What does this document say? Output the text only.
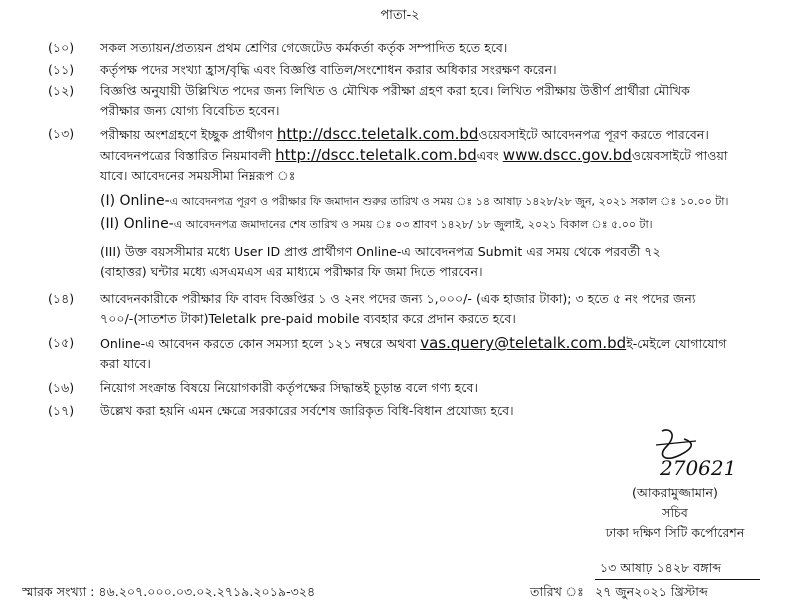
পাতা-২
(১০)	সকল সত্যায়ন/প্রত্যয়ন প্রথম শ্রেণির গেজেটেড কর্মকর্তা কর্তৃক সম্পাদিত হতে হবে।
(১১)	কর্তৃপক্ষ পদের সংখ্যা হ্রাস/বৃদ্ধি এবং বিজ্ঞপ্তি বাতিল/সংশোধন করার অধিকার সংরক্ষণ করেন।
(১২)	বিজ্ঞপ্তি অনুযায়ী উল্লিখিত পদের জন্য লিখিত ও মৌখিক পরীক্ষা গ্রহণ করা হবে। লিখিত পরীক্ষায় উত্তীর্ণ প্রার্থীরা মৌখিক
পরীক্ষার জন্য যোগ্য বিবেচিত হবেন।
(১৩)	পরীক্ষায় অংশগ্রহণে ইচ্ছুক প্রার্থীগণ http://dscc.teletalk.com.bdওয়েবসাইটে আবেদনপত্র পূরণ করতে পারবেন।
আবেদনপত্রের বিস্তারিত নিয়মাবলী http://dscc.teletalk.com.bdএবং www.dscc.gov.bdওয়েবসাইটে পাওয়া
যাবে। আবেদনের সময়সীমা নিম্নরূপ ঃ
(I) Online-এ আবেদনপত্র পূরণ ও পরীক্ষার ফি জমাদান শুরুর তারিখ ও সময় ঃ ১৪ আষাঢ় ১৪২৮/২৮ জুন, ২০২১ সকাল ঃ ১০.০০ টা।
(II) Online-এ আবেদনপত্র জমাদানের শেষ তারিখ ও সময় ঃ ০৩ শ্রাবণ ১৪২৮/ ১৮ জুলাই, ২০২১ বিকাল ঃ ৫.০০ টা।
(III) উক্ত বয়সসীমার মধ্যে User ID প্রাপ্ত প্রার্থীগণ Online-এ আবেদনপত্র Submit এর সময় থেকে পরবর্তী ৭২
(বাহাত্তর) ঘন্টার মধ্যে এসএমএস এর মাধ্যমে পরীক্ষার ফি জমা দিতে পারবেন।
(১৪)	আবেদনকারীকে পরীক্ষার ফি বাবদ বিজ্ঞপ্তির ১ ও ২নং পদের জন্য ১,০০০/- (এক হাজার টাকা); ৩ হতে ৫ নং পদের জন্য
৭০০/-(সাতশত টাকা)Teletalk pre-paid mobile ব্যবহার করে প্রদান করতে হবে।
(১৫)	Online-এ আবেদন করতে কোন সমস্যা হলে ১২১ নম্বরে অথবা vas.query@teletalk.com.bdই-মেইলে যোগাযোগ
করা যাবে।
(১৬)	নিয়োগ সংক্রান্ত বিষয়ে নিয়োগকারী কর্তৃপক্ষের সিদ্ধান্তই চূড়ান্ত বলে গণ্য হবে।
(১৭)	উল্লেখ করা হয়নি এমন ক্ষেত্রে সরকারের সর্বশেষ জারিকৃত বিধি-বিধান প্রযোজ্য হবে।
270621
(আকরামুজ্জামান)
সচিব
ঢাকা দক্ষিণ সিটি কর্পোরেশন
১৩ আষাঢ় ১৪২৮ বঙ্গাব্দ
স্মারক সংখ্যা : ৪৬.২০৭.০০০.০৩.০২.২৭১৯.২০১৯-৩২৪	তারিখ ঃ ২৭ জুন২০২১ খ্রিস্টাব্দ
